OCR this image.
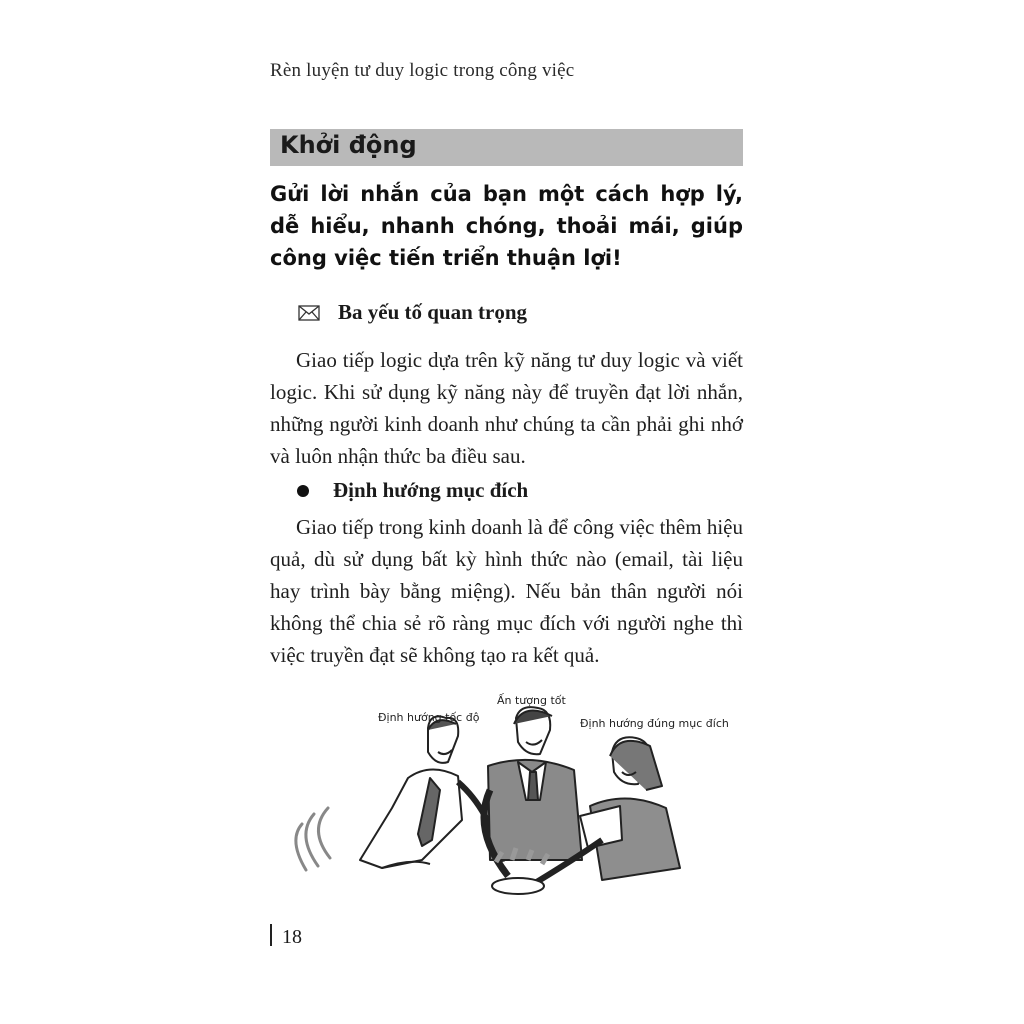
Rèn luyện tư duy logic trong công việc
Khởi động
Gửi lời nhắn của bạn một cách hợp lý, dễ hiểu, nhanh chóng, thoải mái, giúp công việc tiến triển thuận lợi!
Ba yếu tố quan trọng
Giao tiếp logic dựa trên kỹ năng tư duy logic và viết logic. Khi sử dụng kỹ năng này để truyền đạt lời nhắn, những người kinh doanh như chúng ta cần phải ghi nhớ và luôn nhận thức ba điều sau.
Định hướng mục đích
Giao tiếp trong kinh doanh là để công việc thêm hiệu quả, dù sử dụng bất kỳ hình thức nào (email, tài liệu hay trình bày bằng miệng). Nếu bản thân người nói không thể chia sẻ rõ ràng mục đích với người nghe thì việc truyền đạt sẽ không tạo ra kết quả.
Định hướng tốc độ
Ấn tượng tốt
Định hướng đúng mục đích
18
